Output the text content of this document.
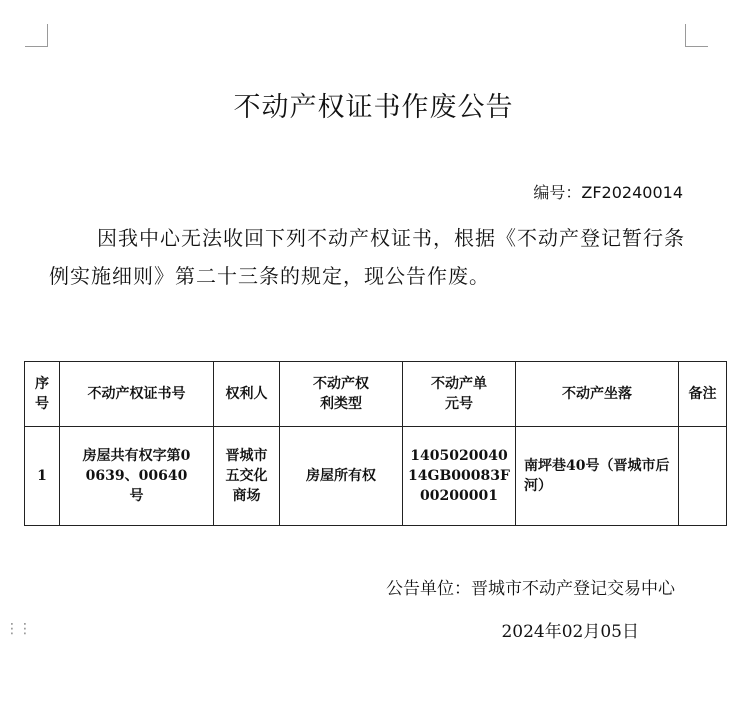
⋮⋮
不动产权证书作废公告
编号：ZF20240014

因我中心无法收回下列不动产权证书，根据《不动产登记暂行条例实施细则》第二十三条的规定，现公告作废。

序号	不动产权证书号	权利人	不动产权利类型	不动产单元号	不动产坐落	备注
1	房屋共有权字第00639、00640号	晋城市五交化商场	房屋所有权	140502004014GB00083F00200001	南坪巷40号（晋城市后河）	
公告单位：晋城市不动产登记交易中心
2024年02月05日
